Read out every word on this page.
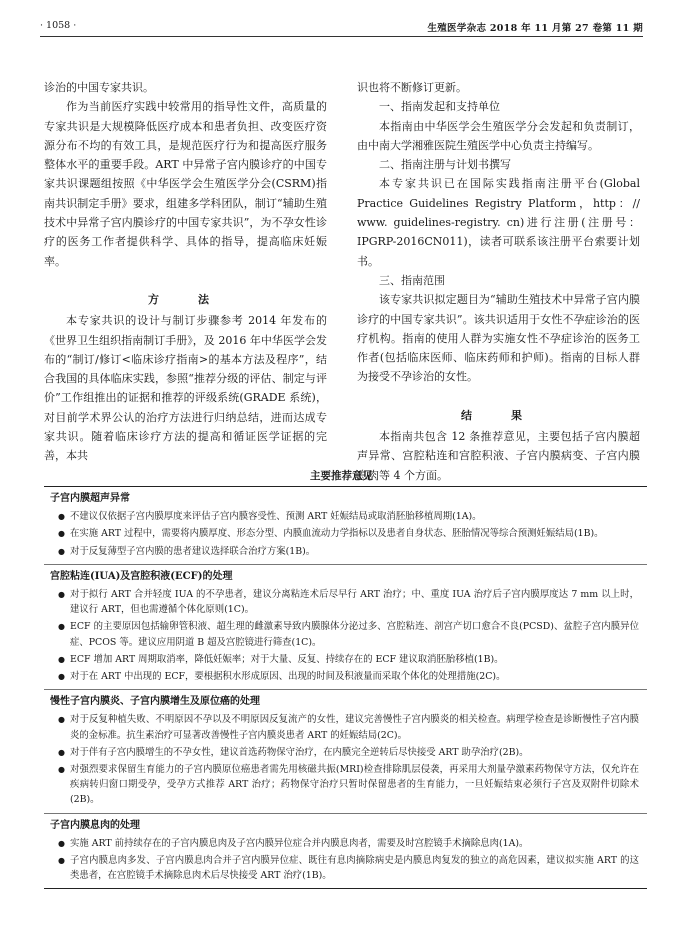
· 1058 ·	生殖医学杂志 2018 年 11 月第 27 卷第 11 期

诊治的中国专家共识。

作为当前医疗实践中较常用的指导性文件，高质量的专家共识是大规模降低医疗成本和患者负担、改变医疗资源分布不均的有效工具，是规范医疗行为和提高医疗服务整体水平的重要手段。ART 中异常子宫内膜诊疗的中国专家共识课题组按照《中华医学会生殖医学分会(CSRM)指南共识制定手册》要求，组建多学科团队，制订“辅助生殖技术中异常子宫内膜诊疗的中国专家共识”，为不孕女性诊疗的医务工作者提供科学、具体的指导，提高临床妊娠率。

方　法

本专家共识的设计与制订步骤参考 2014 年发布的《世界卫生组织指南制订手册》，及 2016 年中华医学会发布的“制订/修订<临床诊疗指南>的基本方法及程序”，结合我国的具体临床实践，参照“推荐分级的评估、制定与评价”工作组推出的证据和推荐的评级系统(GRADE 系统)，对目前学术界公认的治疗方法进行归纳总结，进而达成专家共识。随着临床诊疗方法的提高和循证医学证据的完善，本共

识也将不断修订更新。

一、指南发起和支持单位

本指南由中华医学会生殖医学分会发起和负责制订，由中南大学湘雅医院生殖医学中心负责主持编写。

二、指南注册与计划书撰写

本专家共识已在国际实践指南注册平台(Global Practice Guidelines Registry Platform，http：// www. guidelines-registry. cn)进行注册(注册号：IPGRP-2016CN011)，读者可联系该注册平台索要计划书。

三、指南范围

该专家共识拟定题目为“辅助生殖技术中异常子宫内膜诊疗的中国专家共识”。该共识适用于女性不孕症诊治的医疗机构。指南的使用人群为实施女性不孕症诊治的医务工作者(包括临床医师、临床药师和护师)。指南的目标人群为接受不孕诊治的女性。

结　果

本指南共包含 12 条推荐意见，主要包括子宫内膜超声异常、宫腔粘连和宫腔积液、子宫内膜病变、子宫内膜息肉等 4 个方面。

主要推荐意见
子宫内膜超声异常
● 不建议仅依据子宫内膜厚度来评估子宫内膜容受性、预测 ART 妊娠结局或取消胚胎移植周期(1A)。
● 在实施 ART 过程中，需要将内膜厚度、形态分型、内膜血流动力学指标以及患者自身状态、胚胎情况等综合预测妊娠结局(1B)。
● 对于反复薄型子宫内膜的患者建议选择联合治疗方案(1B)。
宫腔粘连(IUA)及宫腔积液(ECF)的处理
● 对于拟行 ART 合并轻度 IUA 的不孕患者，建议分离粘连术后尽早行 ART 治疗；中、重度 IUA 治疗后子宫内膜厚度达 7 mm 以上时，建议行 ART，但也需遵循个体化原则(1C)。
● ECF 的主要原因包括输卵管积液、超生理的雌激素导致内膜腺体分泌过多、宫腔粘连、剖宫产切口愈合不良(PCSD)、盆腔子宫内膜异位症、PCOS 等。建议应用阴道 B 超及宫腔镜进行筛查(1C)。
● ECF 增加 ART 周期取消率，降低妊娠率；对于大量、反复、持续存在的 ECF 建议取消胚胎移植(1B)。
● 对于在 ART 中出现的 ECF，要根据积水形成原因、出现的时间及积液量而采取个体化的处理措施(2C)。
慢性子宫内膜炎、子宫内膜增生及原位癌的处理
● 对于反复种植失败、不明原因不孕以及不明原因反复流产的女性，建议完善慢性子宫内膜炎的相关检查。病理学检查是诊断慢性子宫内膜炎的金标准。抗生素治疗可显著改善慢性子宫内膜炎患者 ART 的妊娠结局(2C)。
● 对于伴有子宫内膜增生的不孕女性，建议首选药物保守治疗，在内膜完全逆转后尽快接受 ART 助孕治疗(2B)。
● 对强烈要求保留生育能力的子宫内膜原位癌患者需先用核磁共振(MRI)检查排除肌层侵袭，再采用大剂量孕激素药物保守方法，仅允许在疾病转归窗口期受孕，受孕方式推荐 ART 治疗；药物保守治疗只暂时保留患者的生育能力，一旦妊娠结束必须行子宫及双附件切除术(2B)。
子宫内膜息肉的处理
● 实施 ART 前持续存在的子宫内膜息肉及子宫内膜异位症合并内膜息肉者，需要及时宫腔镜手术摘除息肉(1A)。
● 子宫内膜息肉多发、子宫内膜息肉合并子宫内膜异位症、既往有息肉摘除病史是内膜息肉复发的独立的高危因素，建议拟实施 ART 的这类患者，在宫腔镜手术摘除息肉术后尽快接受 ART 治疗(1B)。
